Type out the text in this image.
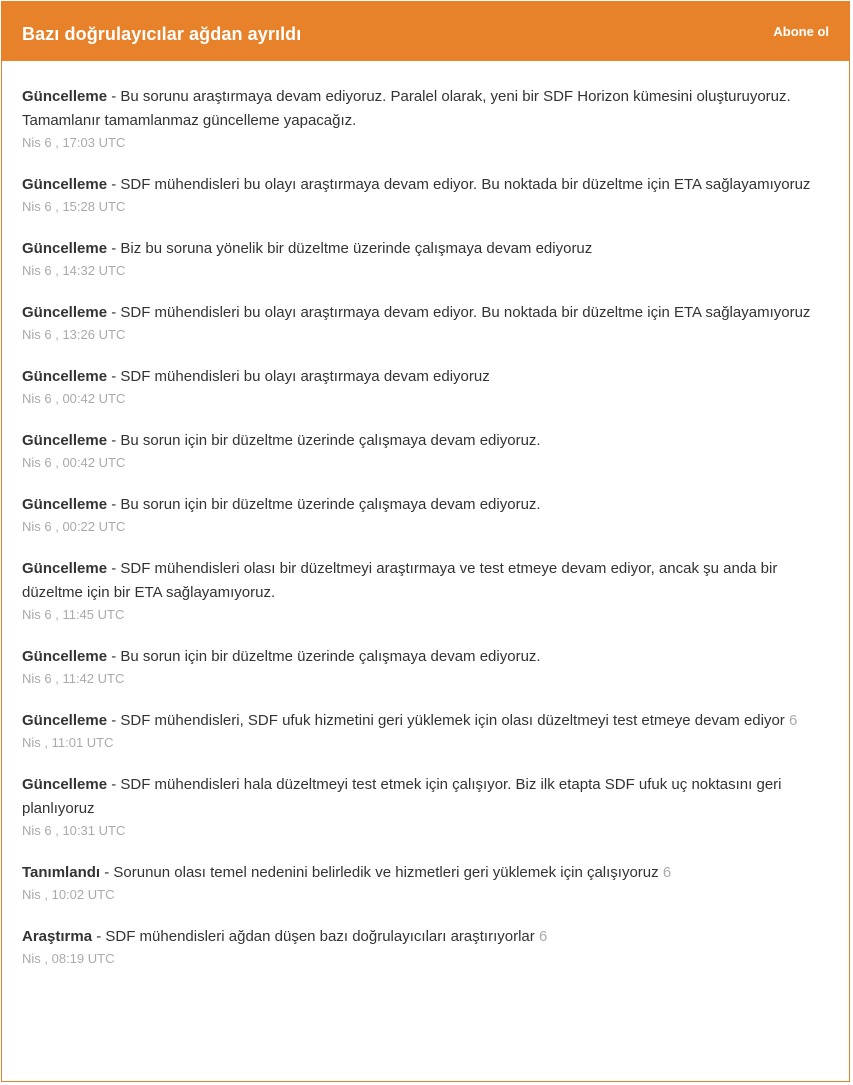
Bazı doğrulayıcılar ağdan ayrıldı	Abone ol
Güncelleme - Bu sorunu araştırmaya devam ediyoruz. Paralel olarak, yeni bir SDF Horizon kümesini oluşturuyoruz. Tamamlanır tamamlanmaz güncelleme yapacağız.
Nis 6 , 17:03 UTC
Güncelleme - SDF mühendisleri bu olayı araştırmaya devam ediyor. Bu noktada bir düzeltme için ETA sağlayamıyoruz
Nis 6 , 15:28 UTC
Güncelleme - Biz bu soruna yönelik bir düzeltme üzerinde çalışmaya devam ediyoruz
Nis 6 , 14:32 UTC
Güncelleme - SDF mühendisleri bu olayı araştırmaya devam ediyor. Bu noktada bir düzeltme için ETA sağlayamıyoruz
Nis 6 , 13:26 UTC
Güncelleme - SDF mühendisleri bu olayı araştırmaya devam ediyoruz
Nis 6 , 00:42 UTC
Güncelleme - Bu sorun için bir düzeltme üzerinde çalışmaya devam ediyoruz.
Nis 6 , 00:42 UTC
Güncelleme - Bu sorun için bir düzeltme üzerinde çalışmaya devam ediyoruz.
Nis 6 , 00:22 UTC
Güncelleme - SDF mühendisleri olası bir düzeltmeyi araştırmaya ve test etmeye devam ediyor, ancak şu anda bir düzeltme için bir ETA sağlayamıyoruz.
Nis 6 , 11:45 UTC
Güncelleme - Bu sorun için bir düzeltme üzerinde çalışmaya devam ediyoruz.
Nis 6 , 11:42 UTC
Güncelleme - SDF mühendisleri, SDF ufuk hizmetini geri yüklemek için olası düzeltmeyi test etmeye devam ediyor 6
Nis , 11:01 UTC
Güncelleme - SDF mühendisleri hala düzeltmeyi test etmek için çalışıyor. Biz ilk etapta SDF ufuk uç noktasını geri planlıyoruz
Nis 6 , 10:31 UTC
Tanımlandı - Sorunun olası temel nedenini belirledik ve hizmetleri geri yüklemek için çalışıyoruz 6
Nis , 10:02 UTC
Araştırma - SDF mühendisleri ağdan düşen bazı doğrulayıcıları araştırıyorlar 6
Nis , 08:19 UTC
